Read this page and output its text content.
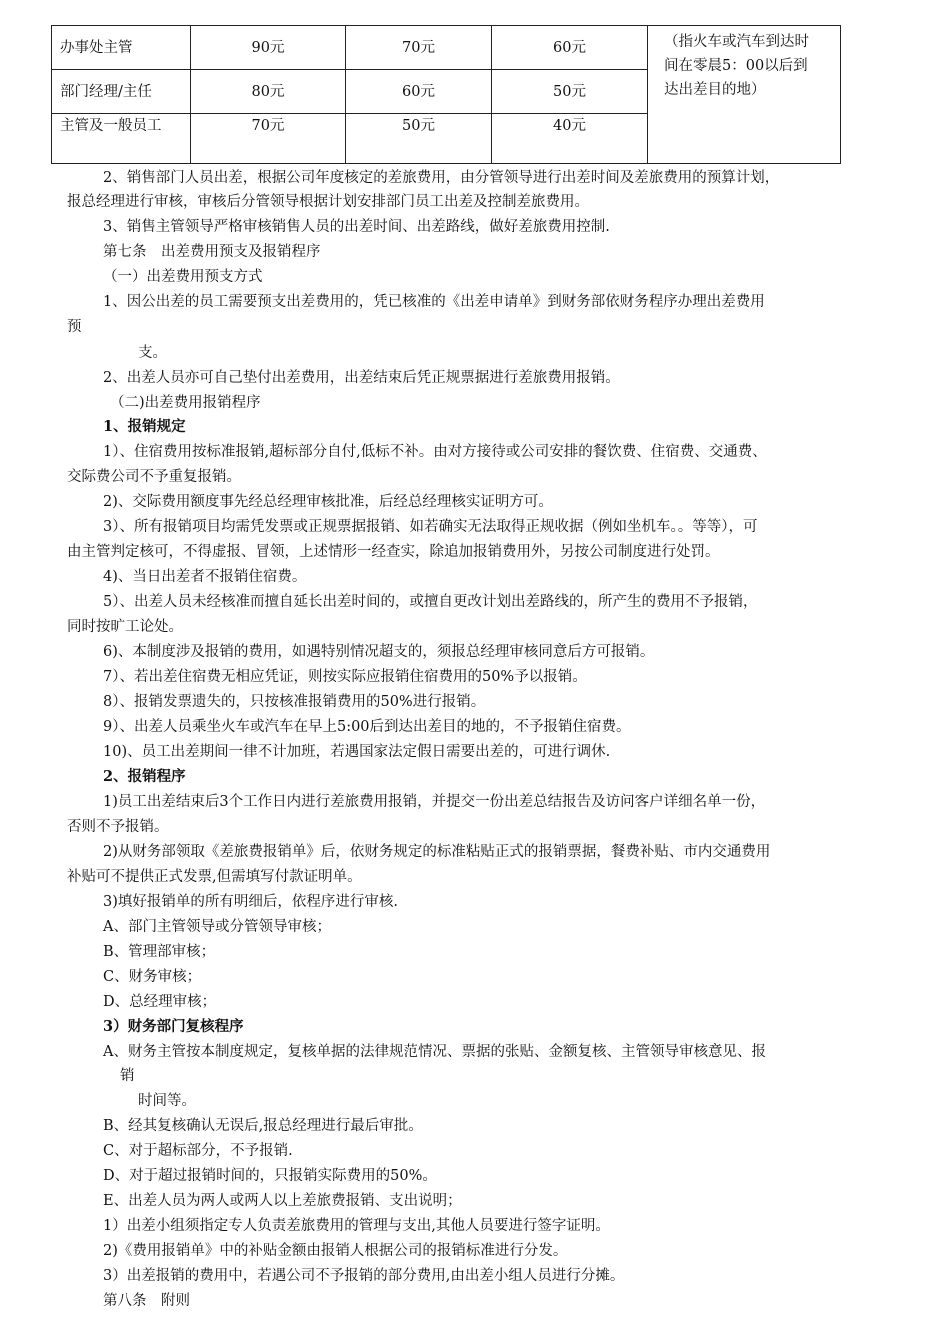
办事处主管	90元	70元	60元	（指火车或汽车到达时
间在零晨5：00以后到
达出差目的地）

部门经理/主任	80元	60元	50元	
主管及一般员工	70元	50元	40元	
2、销售部门人员出差，根据公司年度核定的差旅费用，由分管领导进行出差时间及差旅费用的预算计划，
报总经理进行审核，审核后分管领导根据计划安排部门员工出差及控制差旅费用。
3、销售主管领导严格审核销售人员的出差时间、出差路线，做好差旅费用控制.
第七条　出差费用预支及报销程序
（一）出差费用预支方式
1、因公出差的员工需要预支出差费用的，凭已核准的《出差申请单》到财务部依财务程序办理出差费用
预
支。
2、出差人员亦可自己垫付出差费用，出差结束后凭正规票据进行差旅费用报销。
（二)出差费用报销程序
1、报销规定
1）、住宿费用按标准报销,超标部分自付,低标不补。由对方接待或公司安排的餐饮费、住宿费、交通费、
交际费公司不予重复报销。
2)、交际费用额度事先经总经理审核批准，后经总经理核实证明方可。
3）、所有报销项目均需凭发票或正规票据报销、如若确实无法取得正规收据（例如坐机车。。等等），可
由主管判定核可，不得虚报、冒领，上述情形一经查实，除追加报销费用外，另按公司制度进行处罚。
4)、当日出差者不报销住宿费。
5）、出差人员未经核准而擅自延长出差时间的，或擅自更改计划出差路线的，所产生的费用不予报销，
同时按旷工论处。
6)、本制度涉及报销的费用，如遇特别情况超支的，须报总经理审核同意后方可报销。
7）、若出差住宿费无相应凭证，则按实际应报销住宿费用的50%予以报销。
8）、报销发票遗失的，只按核准报销费用的50%进行报销。
9）、出差人员乘坐火车或汽车在早上5:00后到达出差目的地的，不予报销住宿费。
10)、员工出差期间一律不计加班，若遇国家法定假日需要出差的，可进行调休.
2、报销程序
1)员工出差结束后3个工作日内进行差旅费用报销，并提交一份出差总结报告及访问客户详细名单一份，
否则不予报销。
2)从财务部领取《差旅费报销单》后，依财务规定的标准粘贴正式的报销票据，餐费补贴、市内交通费用
补贴可不提供正式发票,但需填写付款证明单。
3)填好报销单的所有明细后，依程序进行审核.
A、部门主管领导或分管领导审核；
B、管理部审核；
C、财务审核；
D、总经理审核；
3）财务部门复核程序
A、财务主管按本制度规定，复核单据的法律规范情况、票据的张贴、金额复核、主管领导审核意见、报
销
时间等。
B、经其复核确认无误后,报总经理进行最后审批。
C、对于超标部分，不予报销.
D、对于超过报销时间的，只报销实际费用的50%。
E、出差人员为两人或两人以上差旅费报销、支出说明；
1）出差小组须指定专人负责差旅费用的管理与支出,其他人员要进行签字证明。
2)《费用报销单》中的补贴金额由报销人根据公司的报销标准进行分发。
3）出差报销的费用中，若遇公司不予报销的部分费用,由出差小组人员进行分摊。
第八条　附则
